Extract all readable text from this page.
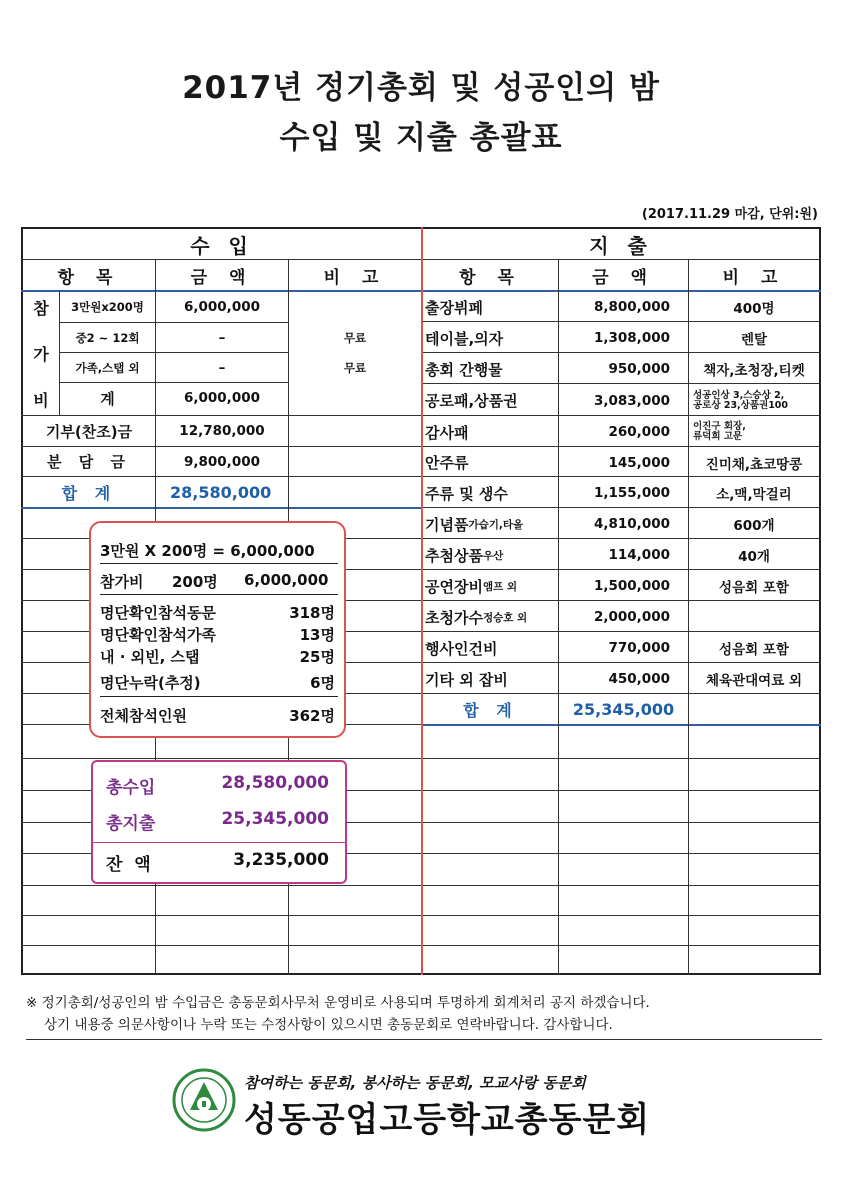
2017년 정기총회 및 성공인의 밤
수입 및 지출 총괄표
(2017.11.29 마감, 단위:원)
수 입	지 출
항 목	금 액	비 고	항 목	금 액	비 고
참
가
비
3만원x200명	6,000,000
중2 ~ 12회	–	무료
가족,스탭 외	–	무료
계	6,000,000
기부(찬조)금	12,780,000
분 담 금	9,800,000
합 계	28,580,000
출장뷔페	8,800,000	400명
테이블,의자	1,308,000	렌탈
총회 간행물	950,000	책자,초청장,티켓
공로패,상품권	3,083,000	성공인상 3,스승상 2,
공로상 23,상품권100
감사패	260,000	이진구 회장,
류덕희 고문
안주류	145,000	진미채,쵸코땅콩
주류 및 생수	1,155,000	소,맥,막걸리
기념품 가습기,타올	4,810,000	600개
추첨상품 우산	114,000	40개
공연장비 앰프 외	1,500,000	성음회 포함
초청가수 정승호 외	2,000,000
행사인건비	770,000	성음회 포함
기타 외 잡비	450,000	체육관대여료 외
합 계	25,345,000
3만원 X 200명 = 6,000,000
참가비 200명 6,000,000
명단확인참석동문	318명
명단확인참석가족	13명
내 · 외빈, 스탭	25명
명단누락(추정)	6명
전체참석인원	362명
총수입	28,580,000
총지출	25,345,000
잔  액	3,235,000
※ 정기총회/성공인의 밤 수입금은 총동문회사무처 운영비로 사용되며 투명하게 회계처리 공지 하겠습니다.
상기 내용중 의문사항이나 누락 또는 수정사항이 있으시면 총동문회로 연락바랍니다. 감사합니다.
참여하는 동문회, 봉사하는 동문회, 모교사랑 동문회
성동공업고등학교총동문회
